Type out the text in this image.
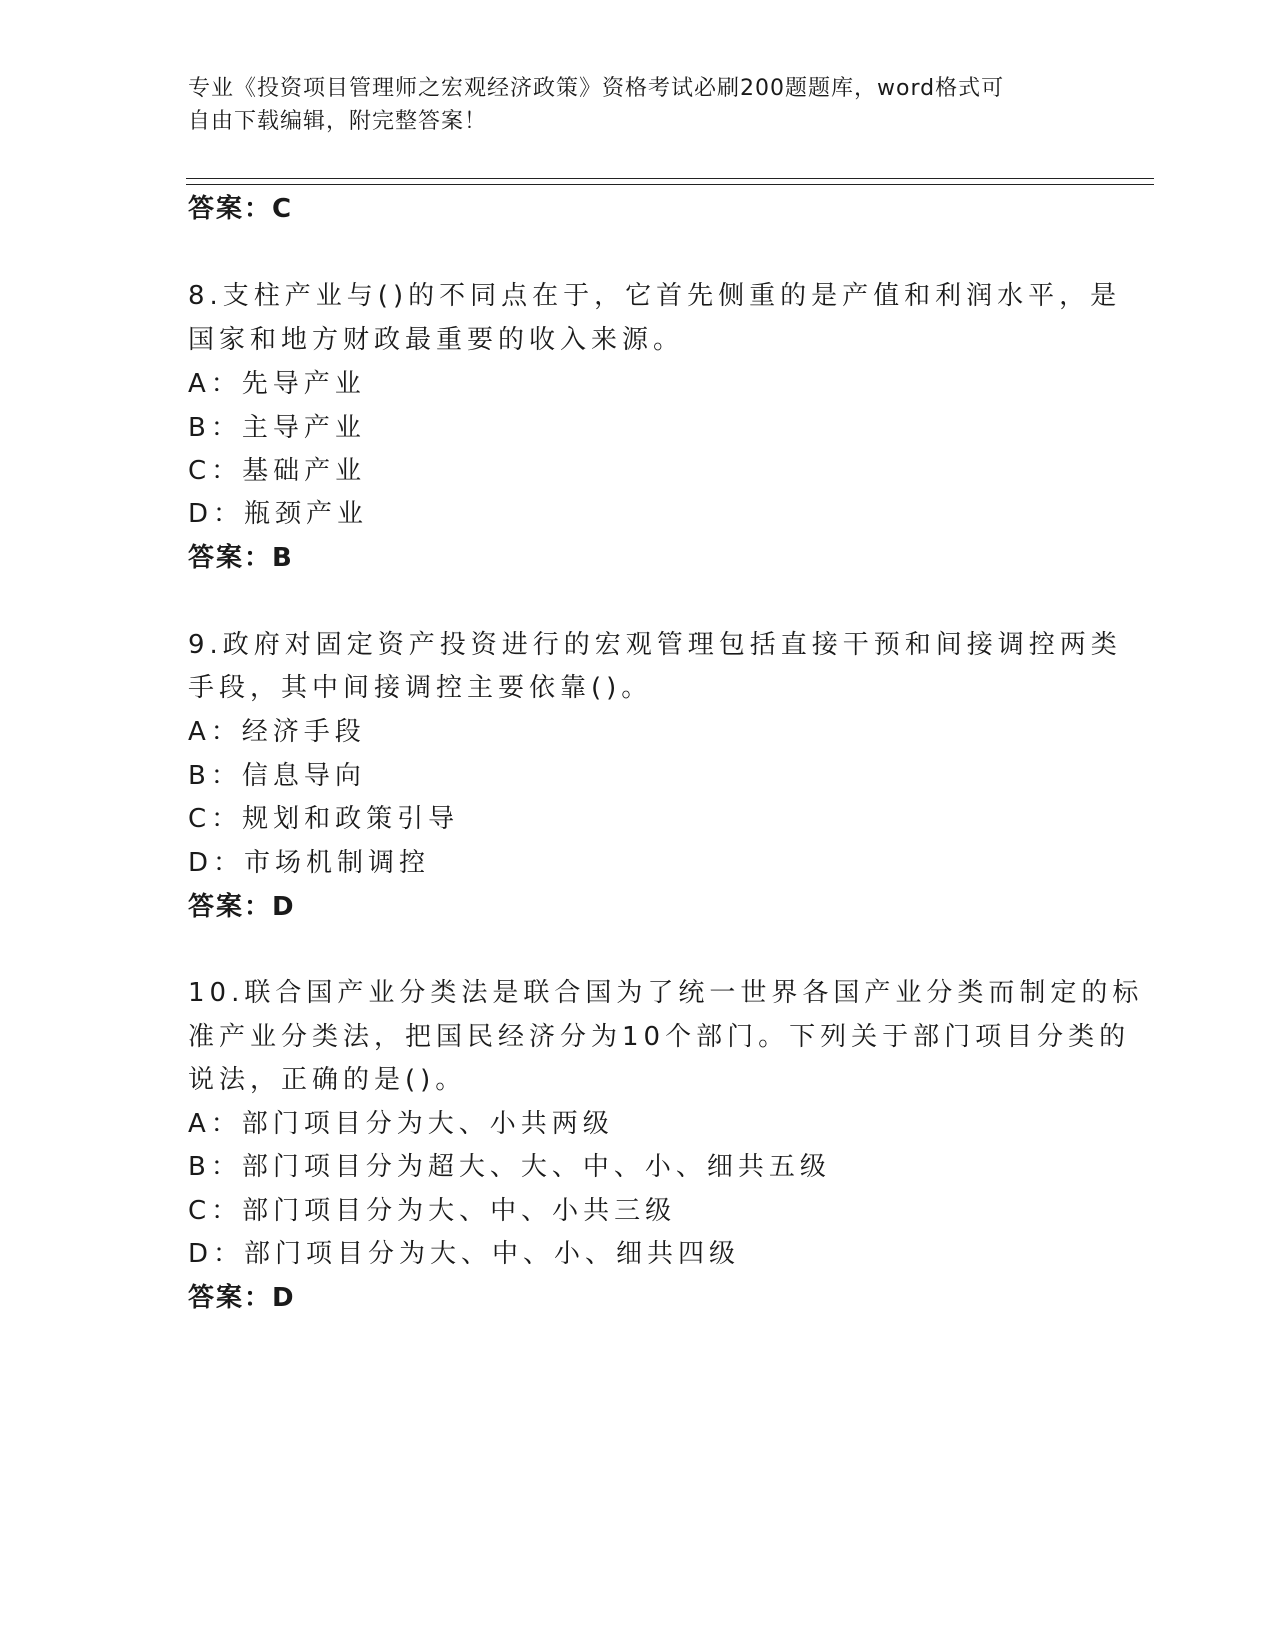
专业《投资项目管理师之宏观经济政策》资格考试必刷200题题库，word格式可
自由下载编辑，附完整答案！
答案：C
8.支柱产业与()的不同点在于，它首先侧重的是产值和利润水平，是
国家和地方财政最重要的收入来源。
A：先导产业
B：主导产业
C：基础产业
D：瓶颈产业
答案：B
9.政府对固定资产投资进行的宏观管理包括直接干预和间接调控两类
手段，其中间接调控主要依靠()。
A：经济手段
B：信息导向
C：规划和政策引导
D：市场机制调控
答案：D
10.联合国产业分类法是联合国为了统一世界各国产业分类而制定的标
准产业分类法，把国民经济分为10个部门。下列关于部门项目分类的
说法，正确的是()。
A：部门项目分为大、小共两级
B：部门项目分为超大、大、中、小、细共五级
C：部门项目分为大、中、小共三级
D：部门项目分为大、中、小、细共四级
答案：D
